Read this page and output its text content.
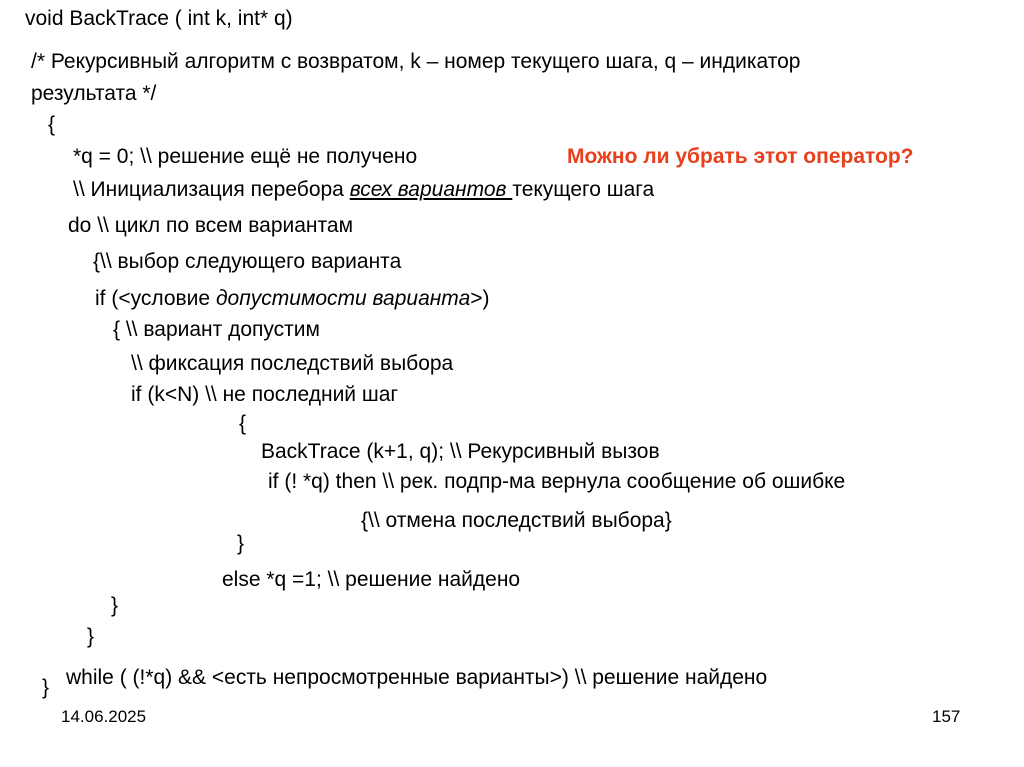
void BackTrace ( int k, int* q)
/* Рекурсивный алгоритм с возвратом, k – номер текущего шага, q – индикатор
результата */
{
*q = 0; \\ решение ещё не получено	Можно ли убрать этот оператор?
\\ Инициализация перебора всех вариантов текущего шага
do \\ цикл по всем вариантам
{\\ выбор следующего варианта
if (<условие допустимости варианта>)
{ \\ вариант допустим
\\ фиксация последствий выбора
if (k<N) \\ не последний шаг
{
BackTrace (k+1, q); \\ Рекурсивный вызов
if (! *q) then \\ рек. подпр-ма вернула сообщение об ошибке
{\\ отмена последствий выбора}
}
else *q =1; \\ решение найдено
}
}
} while ( (!*q) && <есть непросмотренные варианты>) \\ решение найдено
14.06.2025	157
